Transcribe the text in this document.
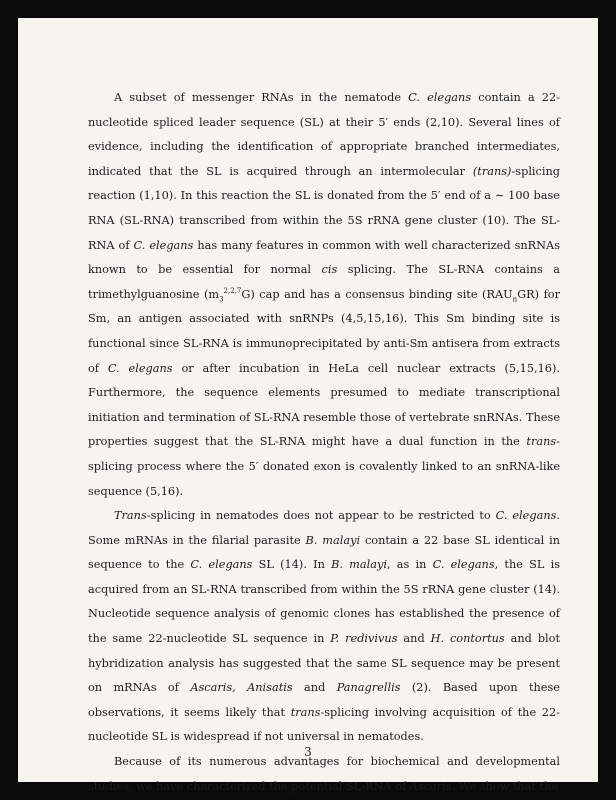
A subset of messenger RNAs in the nematode C. elegans contain a 22-nucleotide spliced leader sequence (SL) at their 5′ ends (2,10). Several lines of evidence, including the identification of appropriate branched intermediates, indicated that the SL is acquired through an intermolecular (trans)-splicing reaction (1,10). In this reaction the SL is donated from the 5′ end of a ∼ 100 base RNA (SL-RNA) transcribed from within the 5S rRNA gene cluster (10). The SL-RNA of C. elegans has many features in common with well characterized snRNAs known to be essential for normal cis splicing. The SL-RNA contains a trimethylguanosine $(m_3^{2,2,7}G)$ cap and has a consensus binding site $(RAU_nGR)$ for Sm, an antigen associated with snRNPs (4,5,15,16). This Sm binding site is functional since SL-RNA is immunoprecipitated by anti-Sm antisera from extracts of C. elegans or after incubation in HeLa cell nuclear extracts (5,15,16). Furthermore, the sequence elements presumed to mediate transcriptional initiation and termination of SL-RNA resemble those of vertebrate snRNAs. These properties suggest that the SL-RNA might have a dual function in the trans-splicing process where the 5′ donated exon is covalently linked to an snRNA-like sequence (5,16).

Trans-splicing in nematodes does not appear to be restricted to C. elegans. Some mRNAs in the filarial parasite B. malayi contain a 22 base SL identical in sequence to the C. elegans SL (14). In B. malayi, as in C. elegans, the SL is acquired from an SL-RNA transcribed from within the 5S rRNA gene cluster (14). Nucleotide sequence analysis of genomic clones has established the presence of the same 22-nucleotide SL sequence in P. redivivus and H. contortus and blot hybridization analysis has suggested that the same SL sequence may be present on mRNAs of Ascaris, Anisatis and Panagrellis (2). Based upon these observations, it seems likely that trans-splicing involving acquisition of the 22-nucleotide SL is widespread if not universal in nematodes.

Because of its numerous advantages for biochemical and developmental studies, we have characterized the potential SL-RNA of Ascaris. We show that the

3
